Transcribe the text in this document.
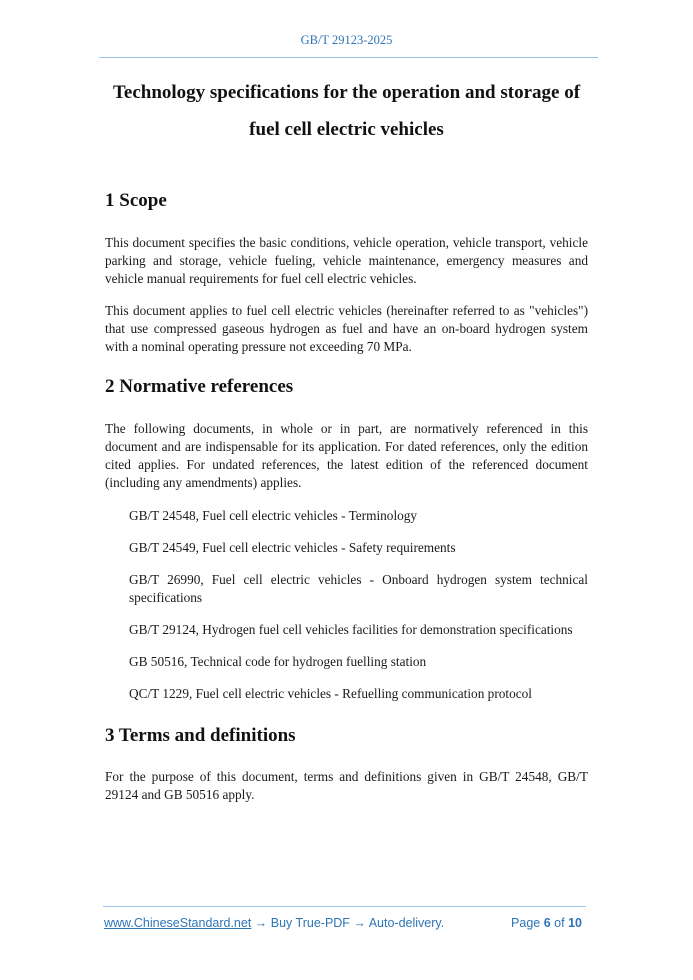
GB/T 29123-2025
Technology specifications for the operation and storage of
fuel cell electric vehicles
1 Scope

This document specifies the basic conditions, vehicle operation, vehicle transport, vehicle parking and storage, vehicle fueling, vehicle maintenance, emergency measures and vehicle manual requirements for fuel cell electric vehicles.

This document applies to fuel cell electric vehicles (hereinafter referred to as "vehicles") that use compressed gaseous hydrogen as fuel and have an on-board hydrogen system with a nominal operating pressure not exceeding 70 MPa.

2 Normative references

The following documents, in whole or in part, are normatively referenced in this document and are indispensable for its application. For dated references, only the edition cited applies. For undated references, the latest edition of the referenced document (including any amendments) applies.

GB/T 24548, Fuel cell electric vehicles - Terminology

GB/T 24549, Fuel cell electric vehicles - Safety requirements

GB/T 26990, Fuel cell electric vehicles - Onboard hydrogen system technical specifications

GB/T 29124, Hydrogen fuel cell vehicles facilities for demonstration specifications

GB 50516, Technical code for hydrogen fuelling station

QC/T 1229, Fuel cell electric vehicles - Refuelling communication protocol

3 Terms and definitions

For the purpose of this document, terms and definitions given in GB/T 24548, GB/T 29124 and GB 50516 apply.

www.ChineseStandard.net → Buy True-PDF → Auto-delivery.	Page 6 of 10
